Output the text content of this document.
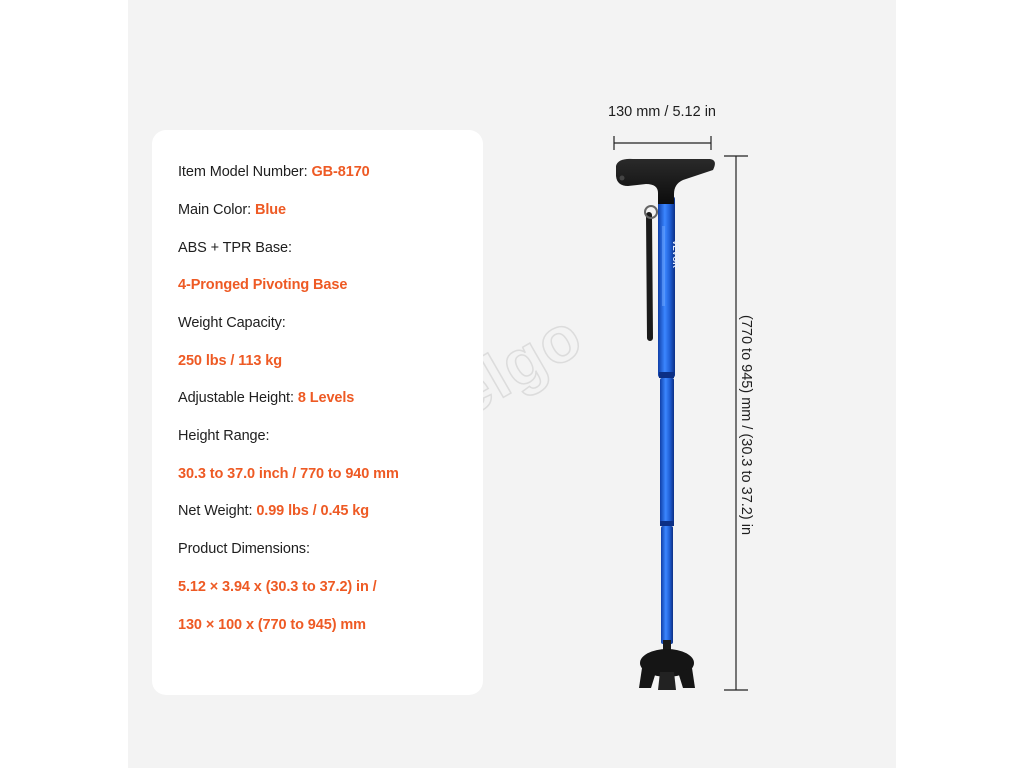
Melgo
Item Model Number: GB-8170
Main Color: Blue
ABS + TPR Base:
4-Pronged Pivoting Base
Weight Capacity:
250 lbs / 113 kg
Adjustable Height: 8 Levels
Height Range:
30.3 to 37.0 inch / 770 to 940 mm
Net Weight: 0.99 lbs / 0.45 kg
Product Dimensions:
5.12 × 3.94 x (30.3 to 37.2) in /
130 × 100 x (770 to 945) mm
VEVOR
130 mm / 5.12 in
(770 to 945) mm / (30.3 to 37.2) in
